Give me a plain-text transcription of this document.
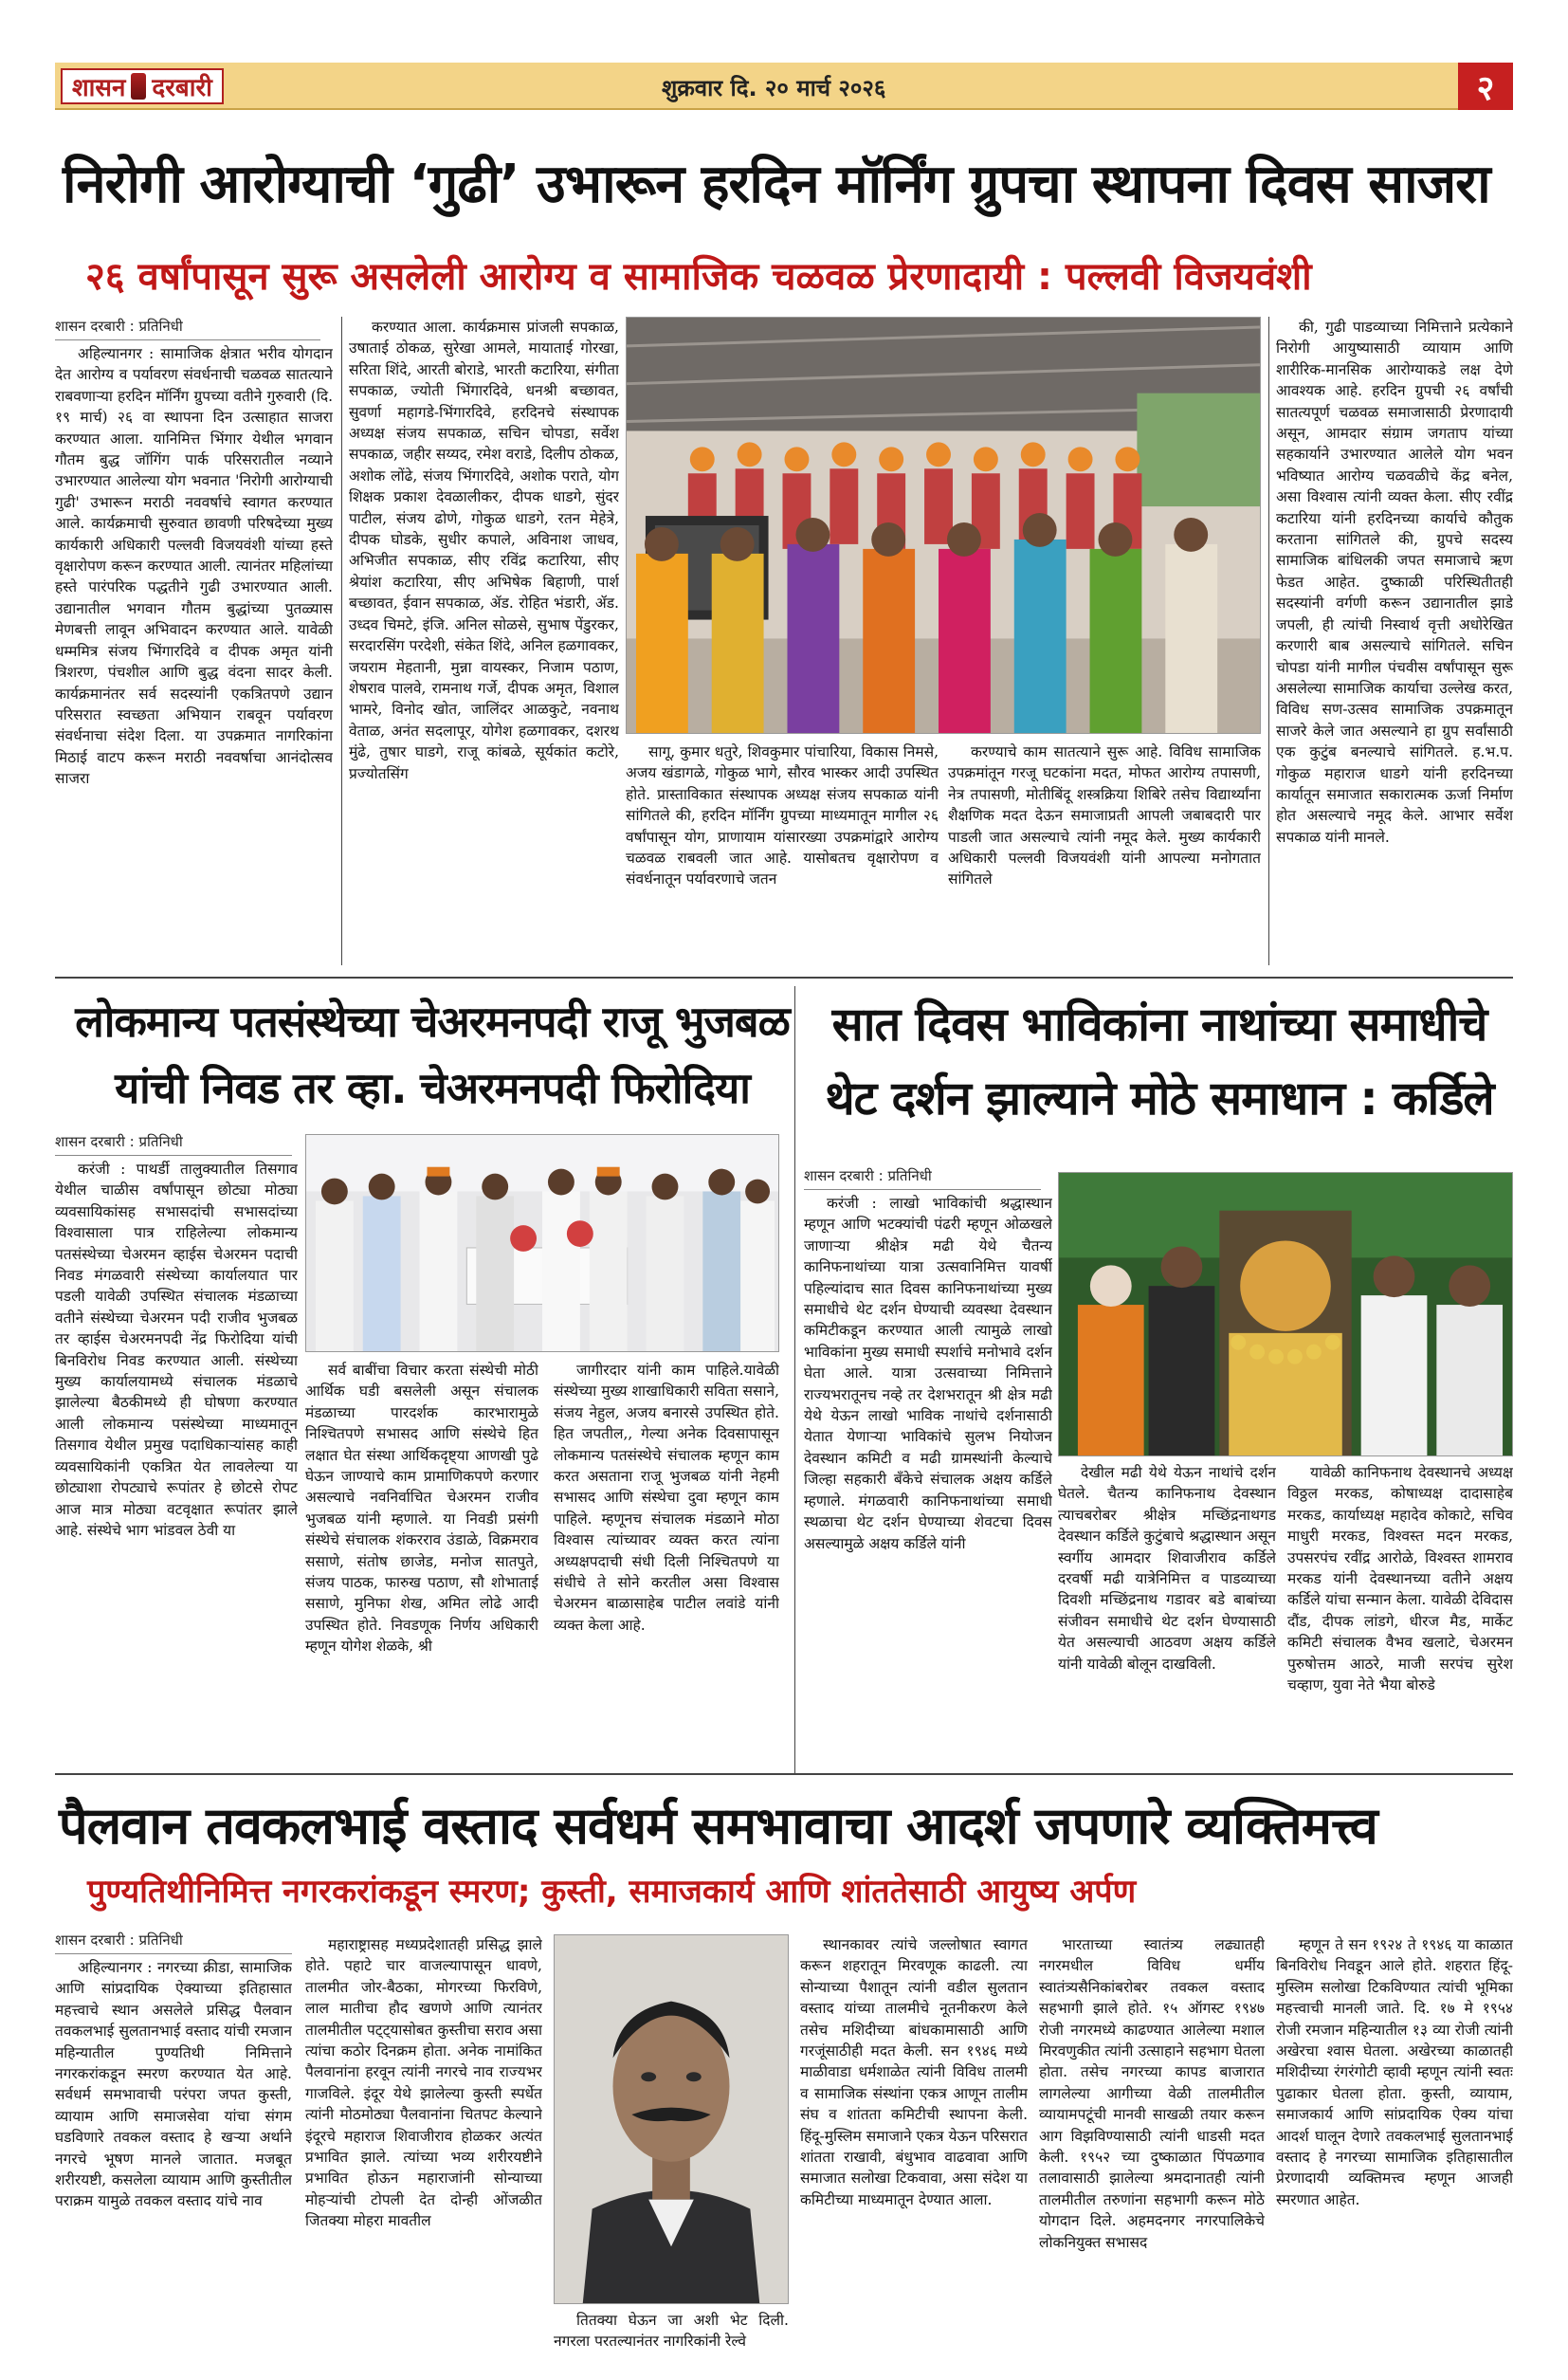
शासन दरबारी	शुक्रवार दि. २० मार्च २०२६	२
निरोगी आरोग्याची ‘गुढी’ उभारून हरदिन मॉर्निंग ग्रुपचा स्थापना दिवस साजरा
२६ वर्षांपासून सुरू असलेली आरोग्य व सामाजिक चळवळ प्रेरणादायी : पल्लवी विजयवंशी
शासन दरबारी : प्रतिनिधी

अहिल्यानगर : सामाजिक क्षेत्रात भरीव योगदान देत आरोग्य व पर्यावरण संवर्धनाची चळवळ सातत्याने राबवणाऱ्या हरदिन मॉर्निंग ग्रुपच्या वतीने गुरुवारी (दि. १९ मार्च) २६ वा स्थापना दिन उत्साहात साजरा करण्यात आला. यानिमित्त भिंगार येथील भगवान गौतम बुद्ध जॉगिंग पार्क परिसरातील नव्याने उभारण्यात आलेल्या योग भवनात 'निरोगी आरोग्याची गुढी' उभारून मराठी नववर्षाचे स्वागत करण्यात आले. कार्यक्रमाची सुरुवात छावणी परिषदेच्या मुख्य कार्यकारी अधिकारी पल्लवी विजयवंशी यांच्या हस्ते वृक्षारोपण करून करण्यात आली. त्यानंतर महिलांच्या हस्ते पारंपरिक पद्धतीने गुढी उभारण्यात आली. उद्यानातील भगवान गौतम बुद्धांच्या पुतळ्यास मेणबत्ती लावून अभिवादन करण्यात आले. यावेळी धम्ममित्र संजय भिंगारदिवे व दीपक अमृत यांनी त्रिशरण, पंचशील आणि बुद्ध वंदना सादर केली. कार्यक्रमानंतर सर्व सदस्यांनी एकत्रितपणे उद्यान परिसरात स्वच्छता अभियान राबवून पर्यावरण संवर्धनाचा संदेश दिला. या उपक्रमात नागरिकांना मिठाई वाटप करून मराठी नववर्षाचा आनंदोत्सव साजरा

करण्यात आला. कार्यक्रमास प्रांजली सपकाळ, उषाताई ठोकळ, सुरेखा आमले, मायाताई गोरखा, सरिता शिंदे, आरती बोराडे, भारती कटारिया, संगीता सपकाळ, ज्योती भिंगारदिवे, धनश्री बच्छावत, सुवर्णा महागडे-भिंगारदिवे, हरदिनचे संस्थापक अध्यक्ष संजय सपकाळ, सचिन चोपडा, सर्वेश सपकाळ, जहीर सय्यद, रमेश वराडे, दिलीप ठोकळ, अशोक लोंढे, संजय भिंगारदिवे, अशोक पराते, योग शिक्षक प्रकाश देवळालीकर, दीपक धाडगे, सुंदर पाटील, संजय ढोणे, गोकुळ धाडगे, रतन मेहेत्रे, दीपक घोडके, सुधीर कपाले, अविनाश जाधव, अभिजीत सपकाळ, सीए रविंद्र कटारिया, सीए श्रेयांश कटारिया, सीए अभिषेक बिहाणी, पार्श बच्छावत, ईवान सपकाळ, ॲड. रोहित भंडारी, ॲड. उध्दव चिमटे, इंजि. अनिल सोळसे, सुभाष पेंडुरकर, सरदारसिंग परदेशी, संकेत शिंदे, अनिल हळगावकर, जयराम मेहतानी, मुन्ना वायस्कर, निजाम पठाण, शेषराव पालवे, रामनाथ गर्जे, दीपक अमृत, विशाल भामरे, विनोद खोत, जालिंदर आळकुटे, नवनाथ वेताळ, अनंत सदलापूर, योगेश हळगावकर, दशरथ मुंढे, तुषार घाडगे, राजू कांबळे, सूर्यकांत कटोरे, प्रज्योतसिंग

सागू, कुमार धतुरे, शिवकुमार पांचारिया, विकास निमसे, अजय खंडागळे, गोकुळ भागे, सौरव भास्कर आदी उपस्थित होते. प्रास्ताविकात संस्थापक अध्यक्ष संजय सपकाळ यांनी सांगितले की, हरदिन मॉर्निंग ग्रुपच्या माध्यमातून मागील २६ वर्षांपासून योग, प्राणायाम यांसारख्या उपक्रमांद्वारे आरोग्य चळवळ राबवली जात आहे. यासोबतच वृक्षारोपण व संवर्धनातून पर्यावरणाचे जतन

करण्याचे काम सातत्याने सुरू आहे. विविध सामाजिक उपक्रमांतून गरजू घटकांना मदत, मोफत आरोग्य तपासणी, नेत्र तपासणी, मोतीबिंदू शस्त्रक्रिया शिबिरे तसेच विद्यार्थ्यांना शैक्षणिक मदत देऊन समाजाप्रती आपली जबाबदारी पार पाडली जात असल्याचे त्यांनी नमूद केले. मुख्य कार्यकारी अधिकारी पल्लवी विजयवंशी यांनी आपल्या मनोगतात सांगितले

की, गुढी पाडव्याच्या निमित्ताने प्रत्येकाने निरोगी आयुष्यासाठी व्यायाम आणि शारीरिक-मानसिक आरोग्याकडे लक्ष देणे आवश्यक आहे. हरदिन ग्रुपची २६ वर्षांची सातत्यपूर्ण चळवळ समाजासाठी प्रेरणादायी असून, आमदार संग्राम जगताप यांच्या सहकार्याने उभारण्यात आलेले योग भवन भविष्यात आरोग्य चळवळीचे केंद्र बनेल, असा विश्वास त्यांनी व्यक्त केला. सीए रवींद्र कटारिया यांनी हरदिनच्या कार्याचे कौतुक करताना सांगितले की, ग्रुपचे सदस्य सामाजिक बांधिलकी जपत समाजाचे ऋण फेडत आहेत. दुष्काळी परिस्थितीतही सदस्यांनी वर्गणी करून उद्यानातील झाडे जपली, ही त्यांची निस्वार्थ वृत्ती अधोरेखित करणारी बाब असल्याचे सांगितले. सचिन चोपडा यांनी मागील पंचवीस वर्षांपासून सुरू असलेल्या सामाजिक कार्याचा उल्लेख करत, विविध सण-उत्सव सामाजिक उपक्रमातून साजरे केले जात असल्याने हा ग्रुप सर्वांसाठी एक कुटुंब बनल्याचे सांगितले. ह.भ.प. गोकुळ महाराज धाडगे यांनी हरदिनच्या कार्यातून समाजात सकारात्मक ऊर्जा निर्माण होत असल्याचे नमूद केले. आभार सर्वेश सपकाळ यांनी मानले.

लोकमान्य पतसंस्थेच्या चेअरमनपदी राजू भुजबळ
यांची निवड तर व्हा. चेअरमनपदी फिरोदिया
शासन दरबारी : प्रतिनिधी

करंजी : पाथर्डी तालुक्यातील तिसगाव येथील चाळीस वर्षांपासून छोट्या मोठ्या व्यवसायिकांसह सभासदांची सभासदांच्या विश्वासाला पात्र राहिलेल्या लोकमान्य पतसंस्थेच्या चेअरमन व्हाईस चेअरमन पदाची निवड मंगळवारी संस्थेच्या कार्यालयात पार पडली यावेळी उपस्थित संचालक मंडळाच्या वतीने संस्थेच्या चेअरमन पदी राजीव भुजबळ तर व्हाईस चेअरमनपदी नेंद्र फिरोदिया यांची बिनविरोध निवड करण्यात आली. संस्थेच्या मुख्य कार्यालयामध्ये संचालक मंडळाचे झालेल्या बैठकीमध्ये ही घोषणा करण्यात आली लोकमान्य पसंस्थेच्या माध्यमातून तिसगाव येथील प्रमुख पदाधिकाऱ्यांसह काही व्यवसायिकांनी एकत्रित येत लावलेल्या या छोट्याशा रोपट्याचे रूपांतर हे छोटसे रोपट आज मात्र मोठ्या वटवृक्षात रूपांतर झाले आहे. संस्थेचे भाग भांडवल ठेवी या

सर्व बाबींचा विचार करता संस्थेची मोठी आर्थिक घडी बसलेली असून संचालक मंडळाच्या पारदर्शक कारभारामुळे निश्चितपणे सभासद आणि संस्थेचे हित लक्षात घेत संस्था आर्थिकदृष्ट्या आणखी पुढे घेऊन जाण्याचे काम प्रामाणिकपणे करणार असल्याचे नवनिर्वाचित चेअरमन राजीव भुजबळ यांनी म्हणाले. या निवडी प्रसंगी संस्थेचे संचालक शंकरराव उंडाळे, विक्रमराव ससाणे, संतोष छाजेड, मनोज सातपुते, संजय पाठक, फारुख पठाण, सौ शोभाताई ससाणे, मुनिफा शेख, अमित लोढे आदी उपस्थित होते. निवडणूक निर्णय अधिकारी म्हणून योगेश शेळके, श्री

जागीरदार यांनी काम पाहिले.यावेळी संस्थेच्या मुख्य शाखाधिकारी सविता ससाने, संजय नेहुल, अजय बनारसे उपस्थित होते. हित जपतील,, गेल्या अनेक दिवसापासून लोकमान्य पतसंस्थेचे संचालक म्हणून काम करत असताना राजू भुजबळ यांनी नेहमी सभासद आणि संस्थेचा दुवा म्हणून काम पाहिले. म्हणूनच संचालक मंडळाने मोठा विश्वास त्यांच्यावर व्यक्त करत त्यांना अध्यक्षपदाची संधी दिली निश्चितपणे या संधीचे ते सोने करतील असा विश्वास चेअरमन बाळासाहेब पाटील लवांडे यांनी व्यक्त केला आहे.

सात दिवस भाविकांना नाथांच्या समाधीचे
थेट दर्शन झाल्याने मोठे समाधान : कर्डिले
शासन दरबारी : प्रतिनिधी

करंजी : लाखो भाविकांची श्रद्धास्थान म्हणून आणि भटक्यांची पंढरी म्हणून ओळखले जाणाऱ्या श्रीक्षेत्र मढी येथे चैतन्य कानिफनाथांच्या यात्रा उत्सवानिमित्त यावर्षी पहिल्यांदाच सात दिवस कानिफनाथांच्या मुख्य समाधीचे थेट दर्शन घेण्याची व्यवस्था देवस्थान कमिटीकडून करण्यात आली त्यामुळे लाखो भाविकांना मुख्य समाधी स्पर्शाचे मनोभावे दर्शन घेता आले. यात्रा उत्सवाच्या निमित्ताने राज्यभरातूनच नव्हे तर देशभरातून श्री क्षेत्र मढी येथे येऊन लाखो भाविक नाथांचे दर्शनासाठी येतात येणाऱ्या भाविकांचे सुलभ नियोजन देवस्थान कमिटी व मढी ग्रामस्थांनी केल्याचे जिल्हा सहकारी बँकेचे संचालक अक्षय कर्डिले म्हणाले. मंगळवारी कानिफनाथांच्या समाधी स्थळाचा थेट दर्शन घेण्याच्या शेवटचा दिवस असल्यामुळे अक्षय कर्डिले यांनी

देखील मढी येथे येऊन नाथांचे दर्शन घेतले. चैतन्य कानिफनाथ देवस्थान त्याचबरोबर श्रीक्षेत्र मच्छिंद्रनाथगड देवस्थान कर्डिले कुटुंबाचे श्रद्धास्थान असून स्वर्गीय आमदार शिवाजीराव कर्डिले दरवर्षी मढी यात्रेनिमित्त व पाडव्याच्या दिवशी मच्छिंद्रनाथ गडावर बडे बाबांच्या संजीवन समाधीचे थेट दर्शन घेण्यासाठी येत असल्याची आठवण अक्षय कर्डिले यांनी यावेळी बोलून दाखविली.

यावेळी कानिफनाथ देवस्थानचे अध्यक्ष विठ्ठल मरकड, कोषाध्यक्ष दादासाहेब मरकड, कार्याध्यक्ष महादेव कोकाटे, सचिव माधुरी मरकड, विश्वस्त मदन मरकड, उपसरपंच रवींद्र आरोळे, विश्वस्त शामराव मरकड यांनी देवस्थानच्या वतीने अक्षय कर्डिले यांचा सन्मान केला. यावेळी देविदास दौंड, दीपक लांडगे, धीरज मैड, मार्केट कमिटी संचालक वैभव खलाटे, चेअरमन पुरुषोत्तम आठरे, माजी सरपंच सुरेश चव्हाण, युवा नेते भैया बोरुडे

पैलवान तवकलभाई वस्ताद सर्वधर्म समभावाचा आदर्श जपणारे व्यक्तिमत्त्व
पुण्यतिथीनिमित्त नगरकरांकडून स्मरण; कुस्ती, समाजकार्य आणि शांततेसाठी आयुष्य अर्पण
शासन दरबारी : प्रतिनिधी

अहिल्यानगर : नगरच्या क्रीडा, सामाजिक आणि सांप्रदायिक ऐक्याच्या इतिहासात महत्त्वाचे स्थान असलेले प्रसिद्ध पैलवान तवकलभाई सुलतानभाई वस्ताद यांची रमजान महिन्यातील पुण्यतिथी निमित्ताने नगरकरांकडून स्मरण करण्यात येत आहे. सर्वधर्म समभावाची परंपरा जपत कुस्ती, व्यायाम आणि समाजसेवा यांचा संगम घडविणारे तवकल वस्ताद हे खऱ्या अर्थाने नगरचे भूषण मानले जातात. मजबूत शरीरयष्टी, कसलेला व्यायाम आणि कुस्तीतील पराक्रम यामुळे तवकल वस्ताद यांचे नाव

महाराष्ट्रासह मध्यप्रदेशातही प्रसिद्ध झाले होते. पहाटे चार वाजल्यापासून धावणे, तालमीत जोर-बैठका, मोगरच्या फिरविणे, लाल मातीचा हौद खणणे आणि त्यानंतर तालमीतील पट्ट्यासोबत कुस्तीचा सराव असा त्यांचा कठोर दिनक्रम होता. अनेक नामांकित पैलवानांना हरवून त्यांनी नगरचे नाव राज्यभर गाजविले. इंदूर येथे झालेल्या कुस्ती स्पर्धेत त्यांनी मोठमोठ्या पैलवानांना चितपट केल्याने इंदूरचे महाराज शिवाजीराव होळकर अत्यंत प्रभावित झाले. त्यांच्या भव्य शरीरयष्टीने प्रभावित होऊन महाराजांनी सोन्याच्या मोहऱ्यांची टोपली देत दोन्ही ओंजळीत जितक्या मोहरा मावतील

तितक्या घेऊन जा अशी भेट दिली. नगरला परतल्यानंतर नागरिकांनी रेल्वे

स्थानकावर त्यांचे जल्लोषात स्वागत करून शहरातून मिरवणूक काढली. त्या सोन्याच्या पैशातून त्यांनी वडील सुलतान वस्ताद यांच्या तालमीचे नूतनीकरण केले तसेच मशिदीच्या बांधकामासाठी आणि गरजूंसाठीही मदत केली. सन १९४६ मध्ये माळीवाडा धर्मशाळेत त्यांनी विविध तालमी व सामाजिक संस्थांना एकत्र आणून तालीम संघ व शांतता कमिटीची स्थापना केली. हिंदू-मुस्लिम समाजाने एकत्र येऊन परिसरात शांतता राखावी, बंधुभाव वाढवावा आणि समाजात सलोखा टिकवावा, असा संदेश या कमिटीच्या माध्यमातून देण्यात आला.

भारताच्या स्वातंत्र्य लढ्यातही नगरमधील विविध धर्मीय स्वातंत्र्यसैनिकांबरोबर तवकल वस्ताद सहभागी झाले होते. १५ ऑगस्ट १९४७ रोजी नगरमध्ये काढण्यात आलेल्या मशाल मिरवणुकीत त्यांनी उत्साहाने सहभाग घेतला होता. तसेच नगरच्या कापड बाजारात लागलेल्या आगीच्या वेळी तालमीतील व्यायामपटूंची मानवी साखळी तयार करून आग विझविण्यासाठी त्यांनी धाडसी मदत केली. १९५२ च्या दुष्काळात पिंपळगाव तलावासाठी झालेल्या श्रमदानातही त्यांनी तालमीतील तरुणांना सहभागी करून मोठे योगदान दिले. अहमदनगर नगरपालिकेचे लोकनियुक्त सभासद

म्हणून ते सन १९२४ ते १९४६ या काळात बिनविरोध निवडून आले होते. शहरात हिंदू-मुस्लिम सलोखा टिकविण्यात त्यांची भूमिका महत्त्वाची मानली जाते. दि. १७ मे १९५४ रोजी रमजान महिन्यातील १३ व्या रोजी त्यांनी अखेरचा श्वास घेतला. अखेरच्या काळातही मशिदीच्या रंगरंगोटी व्हावी म्हणून त्यांनी स्वतः पुढाकार घेतला होता. कुस्ती, व्यायाम, समाजकार्य आणि सांप्रदायिक ऐक्य यांचा आदर्श घालून देणारे तवकलभाई सुलतानभाई वस्ताद हे नगरच्या सामाजिक इतिहासातील प्रेरणादायी व्यक्तिमत्त्व म्हणून आजही स्मरणात आहेत.
